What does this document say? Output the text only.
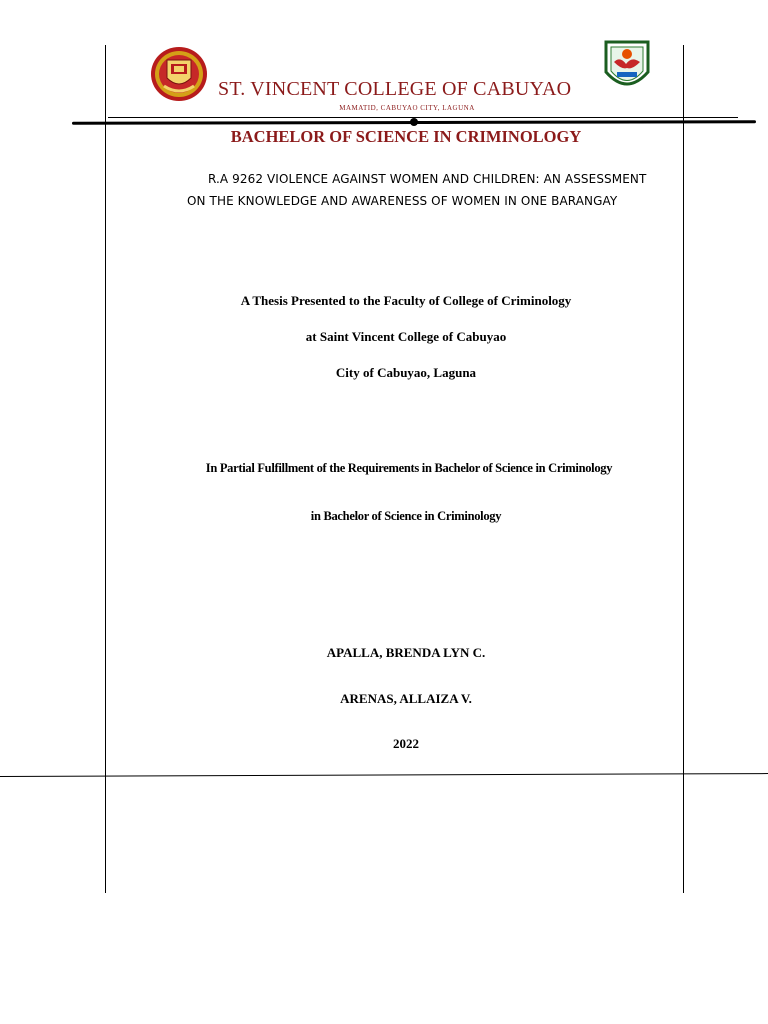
ST. VINCENT COLLEGE OF CABUYAO
MAMATID, CABUYAO CITY, LAGUNA
BACHELOR OF SCIENCE IN CRIMINOLOGY
R.A 9262 VIOLENCE AGAINST WOMEN AND CHILDREN: AN ASSESSMENT
ON THE KNOWLEDGE AND AWARENESS OF WOMEN IN ONE BARANGAY
A Thesis Presented to the Faculty of College of Criminology
at Saint Vincent College of Cabuyao
City of Cabuyao, Laguna
In Partial Fulfillment of the Requirements in Bachelor of Science in Criminology
in Bachelor of Science in Criminology
APALLA, BRENDA LYN C.
ARENAS, ALLAIZA V.
2022
